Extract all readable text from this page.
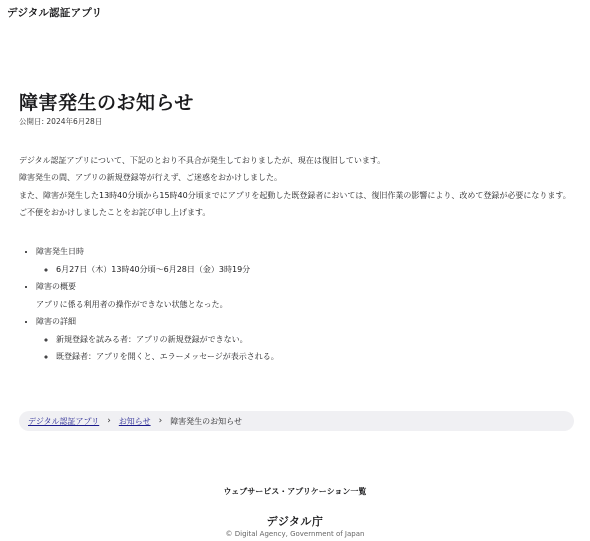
デジタル認証アプリ
障害発生のお知らせ
公開日: 2024年6月28日

デジタル認証アプリについて、下記のとおり不具合が発生しておりましたが、現在は復旧しています。

障害発生の間、アプリの新規登録等が行えず、ご迷惑をおかけしました。

また、障害が発生した13時40分頃から15時40分頃までにアプリを起動した既登録者においては、復旧作業の影響により、改めて登録が必要になります。

ご不便をおかけしましたことをお詫び申し上げます。

• 障害発生日時
◦ 6月27日（木）13時40分頃～6月28日（金）3時19分
• 障害の概要
アプリに係る利用者の操作ができない状態となった。
• 障害の詳細
◦ 新規登録を試みる者：アプリの新規登録ができない。
◦ 既登録者：アプリを開くと、エラーメッセージが表示される。
デジタル認証アプリ › お知らせ › 障害発生のお知らせ
ウェブサービス・アプリケーション一覧
デジタル庁
© Digital Agency, Government of Japan
